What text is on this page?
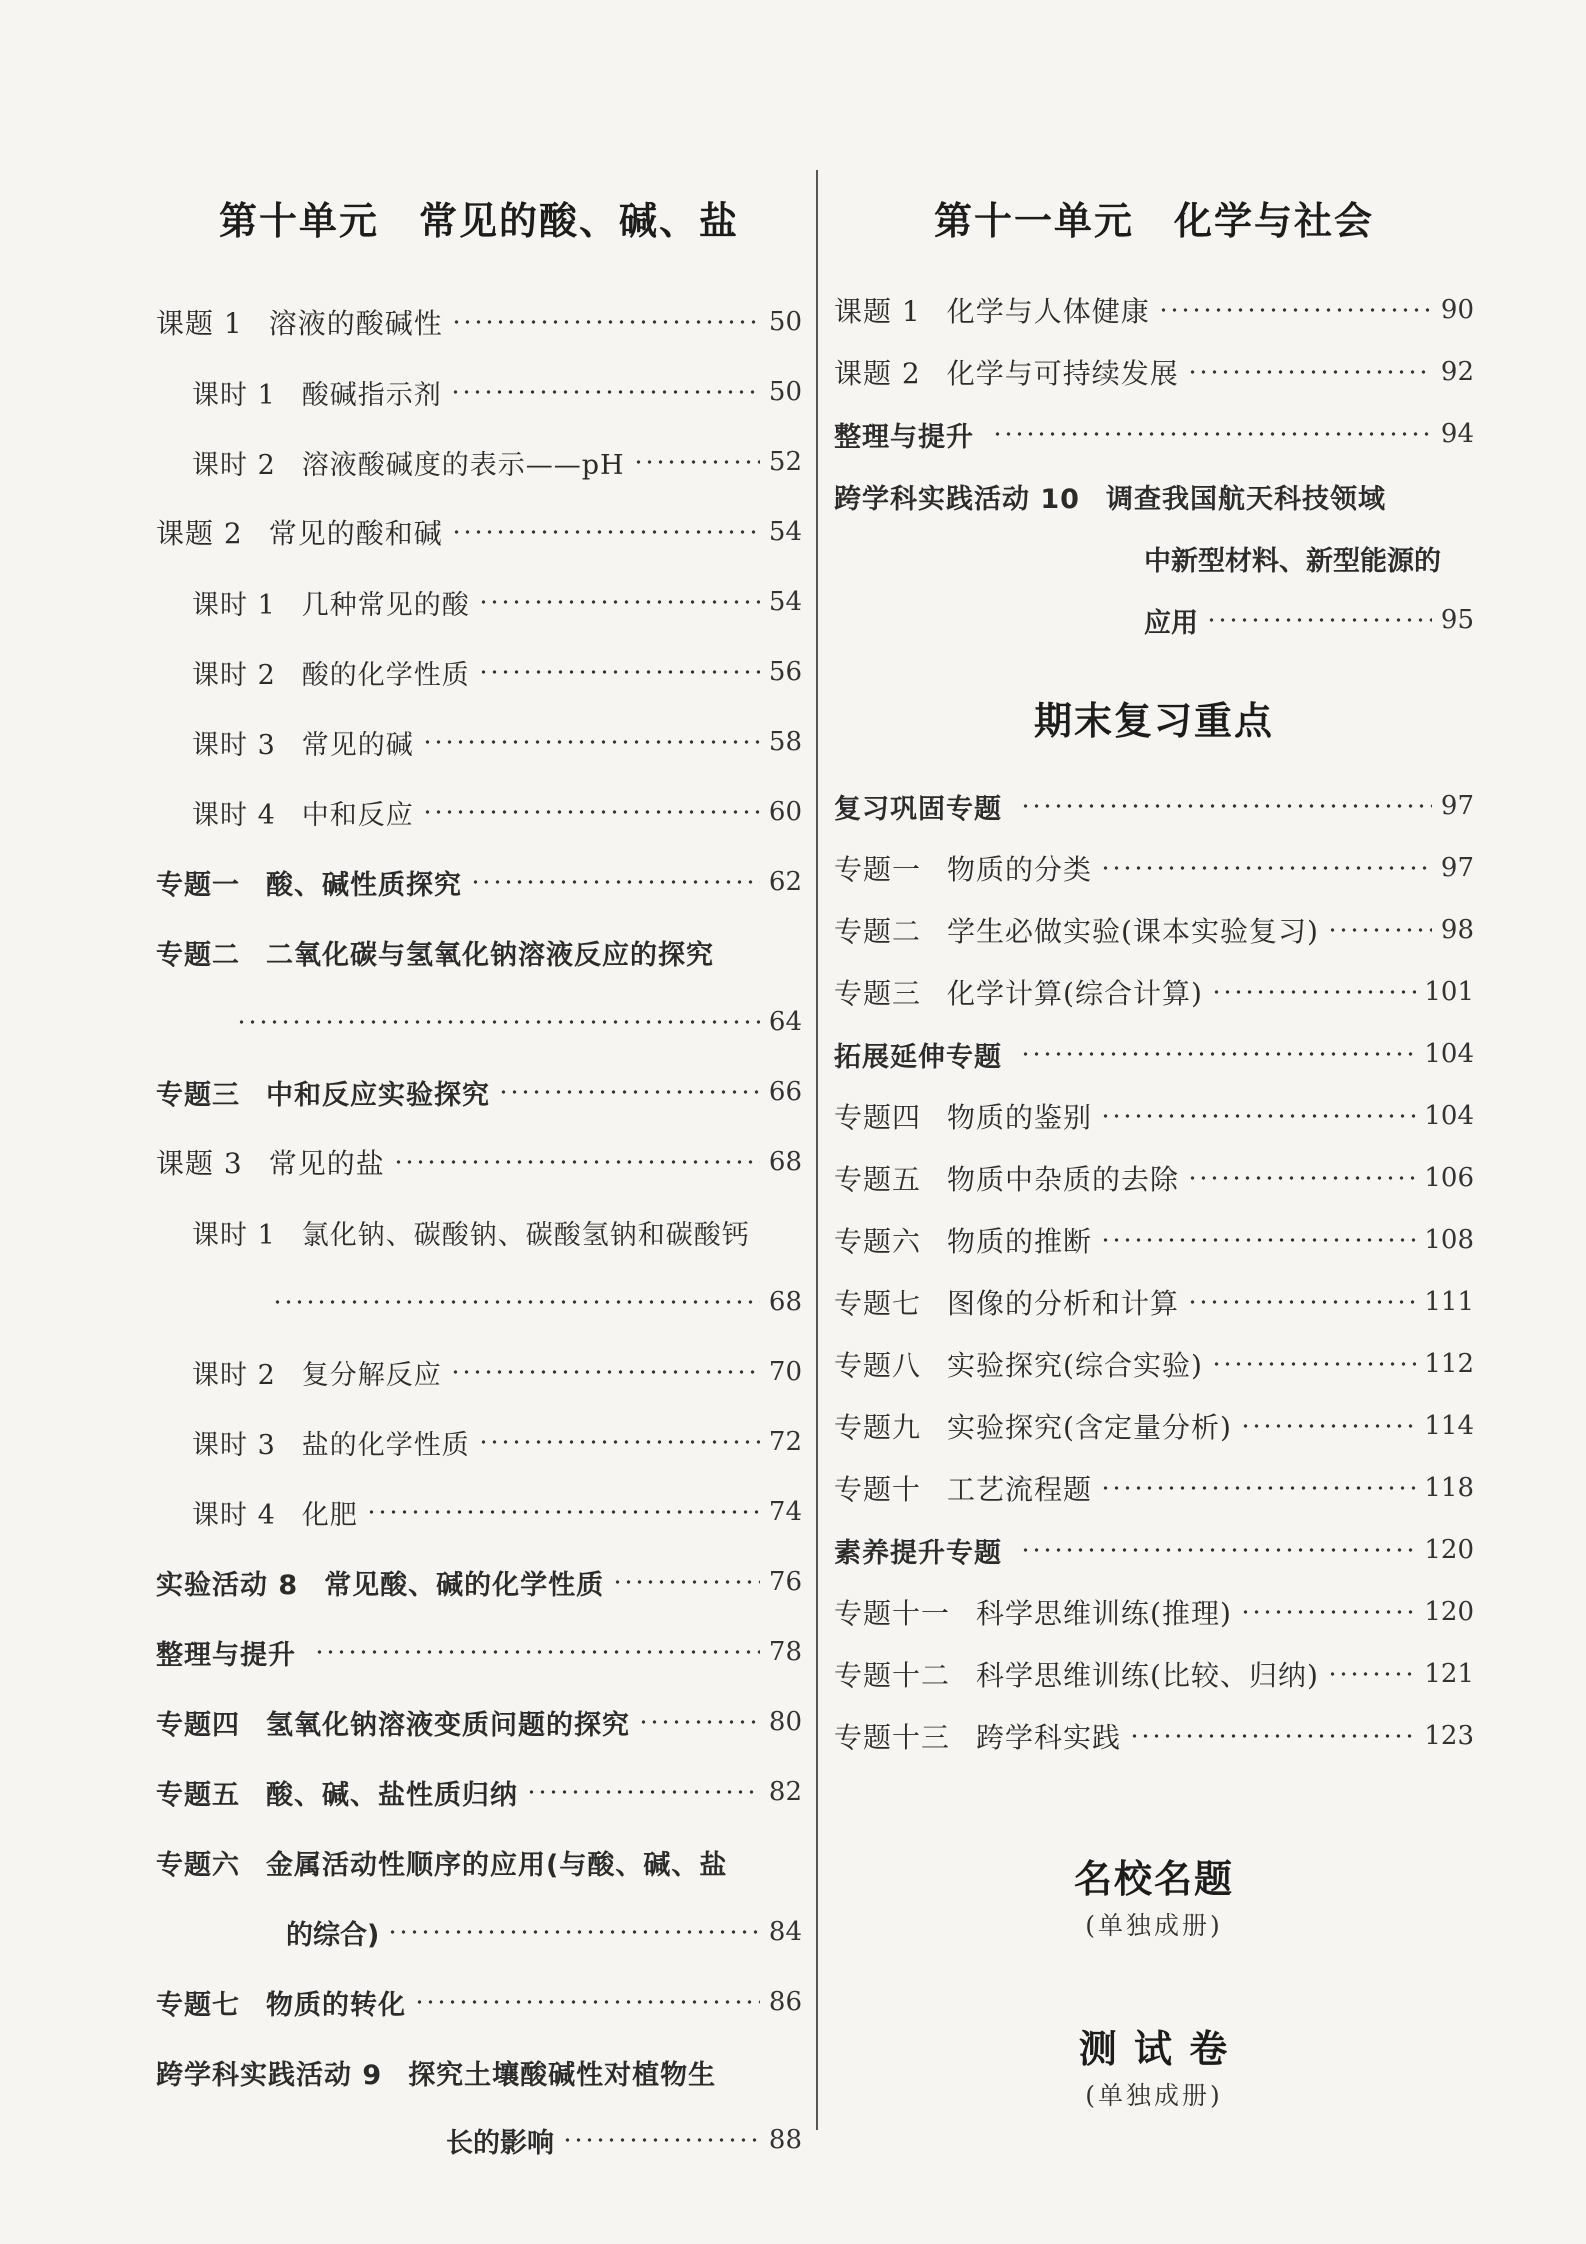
第十单元　常见的酸、碱、盐
课题 1 溶液的酸碱性	50
课时 1 酸碱指示剂	50
课时 2 溶液酸碱度的表示——pH	52
课题 2 常见的酸和碱	54
课时 1 几种常见的酸	54
课时 2 酸的化学性质	56
课时 3 常见的碱	58
课时 4 中和反应	60
专题一 酸、碱性质探究	62
专题二 二氧化碳与氢氧化钠溶液反应的探究
64
专题三 中和反应实验探究	66
课题 3 常见的盐	68
课时 1 氯化钠、碳酸钠、碳酸氢钠和碳酸钙
68
课时 2 复分解反应	70
课时 3 盐的化学性质	72
课时 4 化肥	74
实验活动 8 常见酸、碱的化学性质	76
整理与提升	78
专题四 氢氧化钠溶液变质问题的探究	80
专题五 酸、碱、盐性质归纳	82
专题六 金属活动性顺序的应用(与酸、碱、盐
的综合)	84
专题七 物质的转化	86
跨学科实践活动 9 探究土壤酸碱性对植物生
长的影响	88
第十一单元　化学与社会
课题 1 化学与人体健康	90
课题 2 化学与可持续发展	92
整理与提升	94
跨学科实践活动 10 调查我国航天科技领域
中新型材料、新型能源的
应用	95
期末复习重点
复习巩固专题	97
专题一 物质的分类	97
专题二 学生必做实验(课本实验复习)	98
专题三 化学计算(综合计算)	101
拓展延伸专题	104
专题四 物质的鉴别	104
专题五 物质中杂质的去除	106
专题六 物质的推断	108
专题七 图像的分析和计算	111
专题八 实验探究(综合实验)	112
专题九 实验探究(含定量分析)	114
专题十 工艺流程题	118
素养提升专题	120
专题十一 科学思维训练(推理)	120
专题十二 科学思维训练(比较、归纳)	121
专题十三 跨学科实践	123
名校名题
(单独成册)
测 试 卷
(单独成册)
